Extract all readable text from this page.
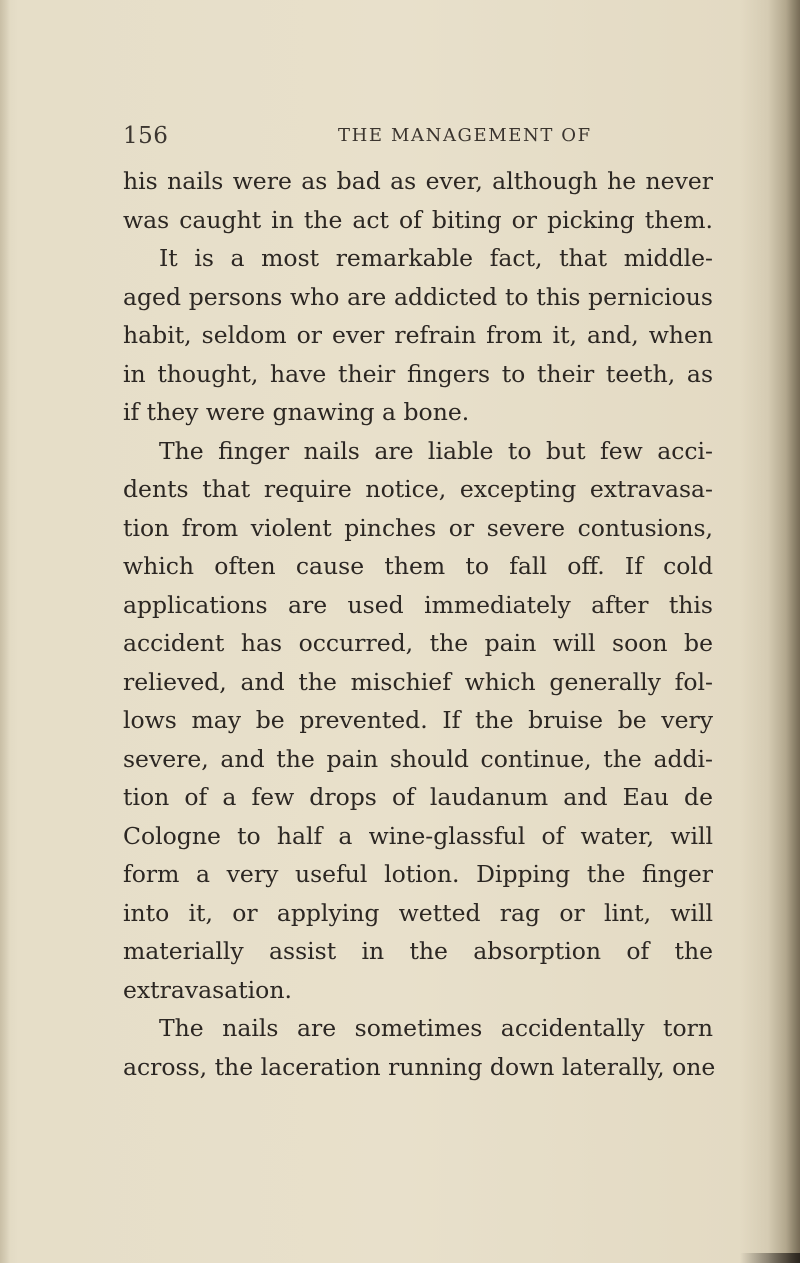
156	THE MANAGEMENT OF
his nails were as bad as ever, although he never
was caught in the act of biting or picking them.
It is a most remarkable fact, that middle-
aged persons who are addicted to this pernicious
habit, seldom or ever refrain from it, and, when
in thought, have their fingers to their teeth, as
if they were gnawing a bone.
The finger nails are liable to but few acci-
dents that require notice, excepting extravasa-
tion from violent pinches or severe contusions,
which often cause them to fall off. If cold
applications are used immediately after this
accident has occurred, the pain will soon be
relieved, and the mischief which generally fol-
lows may be prevented. If the bruise be very
severe, and the pain should continue, the addi-
tion of a few drops of laudanum and Eau de
Cologne to half a wine-glassful of water, will
form a very useful lotion. Dipping the finger
into it, or applying wetted rag or lint, will
materially assist in the absorption of the
extravasation.
The nails are sometimes accidentally torn
across, the laceration running down laterally, one
